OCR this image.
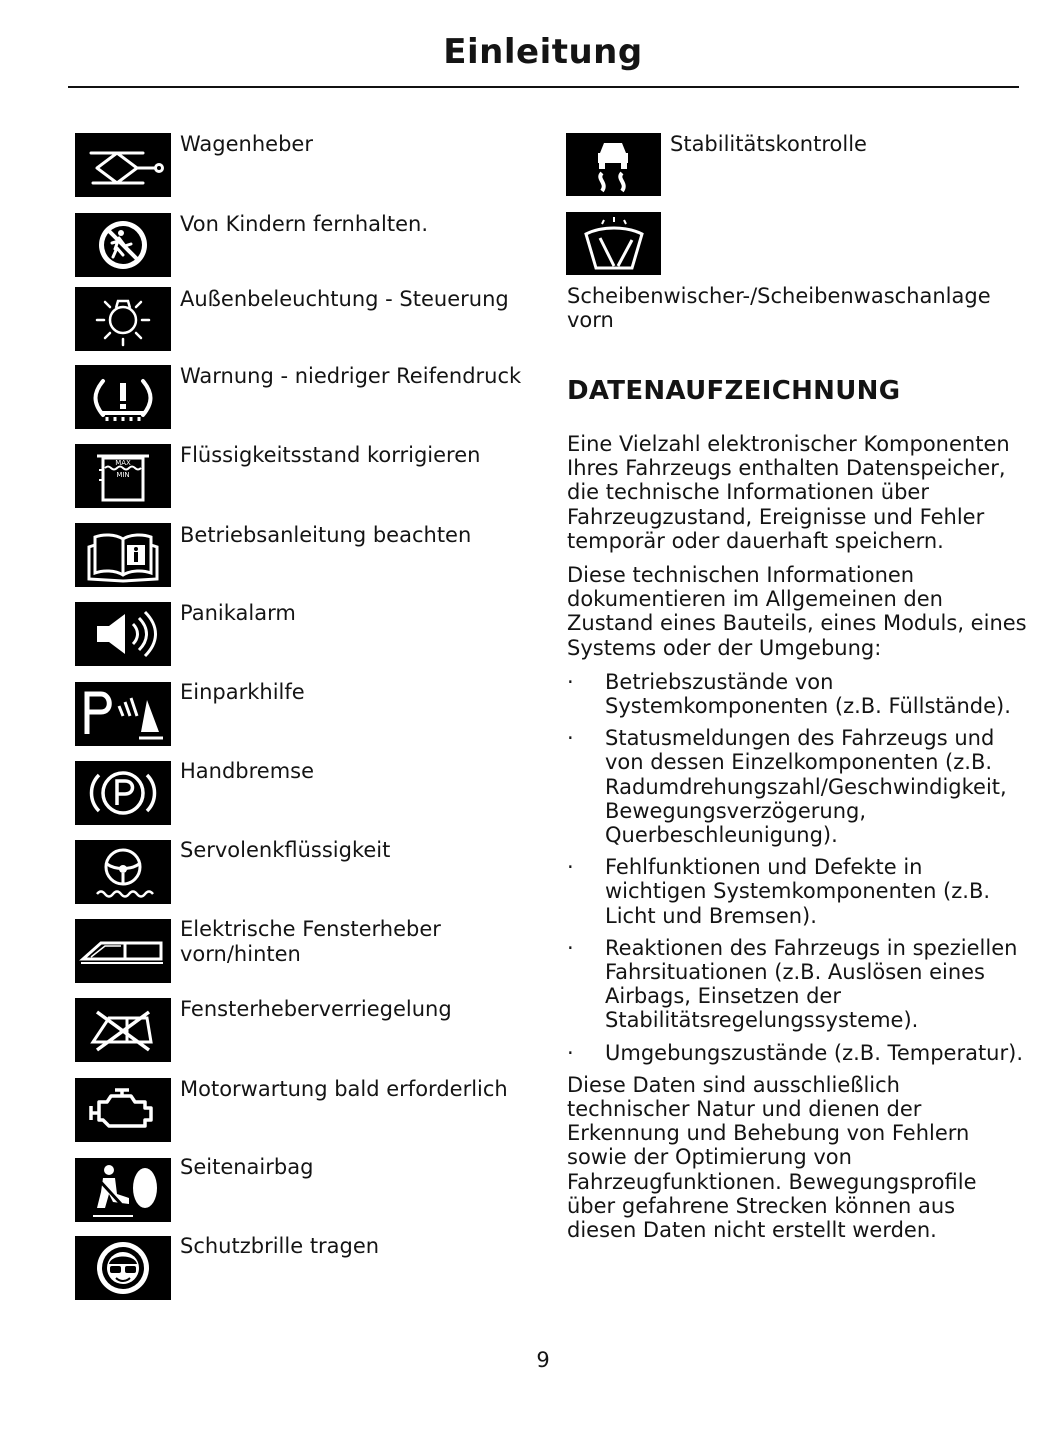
Einleitung
Wagenheber
Von Kindern fernhalten.
Außenbeleuchtung - Steuerung
Warnung - niedriger Reifendruck
MAX
MIN
Flüssigkeitsstand korrigieren
Betriebsanleitung beachten
Panikalarm
Einparkhilfe
Handbremse
Servolenkflüssigkeit
Elektrische Fensterheber vorn/hinten
Fensterheberverriegelung
Motorwartung bald erforderlich
Seitenairbag
Schutzbrille tragen
Stabilitätskontrolle
Scheibenwischer-/Scheibenwaschanlage vorn
DATENAUFZEICHNUNG

Eine Vielzahl elektronischer Komponenten Ihres Fahrzeugs enthalten Datenspeicher, die technische Informationen über Fahrzeugzustand, Ereignisse und Fehler temporär oder dauerhaft speichern.

Diese technischen Informationen dokumentieren im Allgemeinen den Zustand eines Bauteils, eines Moduls, eines Systems oder der Umgebung:

· Betriebszustände von Systemkomponenten (z.B. Füllstände).
· Statusmeldungen des Fahrzeugs und von dessen Einzelkomponenten (z.B. Radumdrehungszahl/Geschwindigkeit, Bewegungsverzögerung, Querbeschleunigung).
· Fehlfunktionen und Defekte in wichtigen Systemkomponenten (z.B. Licht und Bremsen).
· Reaktionen des Fahrzeugs in speziellen Fahrsituationen (z.B. Auslösen eines Airbags, Einsetzen der Stabilitätsregelungssysteme).
· Umgebungszustände (z.B. Temperatur).

Diese Daten sind ausschließlich technischer Natur und dienen der Erkennung und Behebung von Fehlern sowie der Optimierung von Fahrzeugfunktionen. Bewegungsprofile über gefahrene Strecken können aus diesen Daten nicht erstellt werden.

9
